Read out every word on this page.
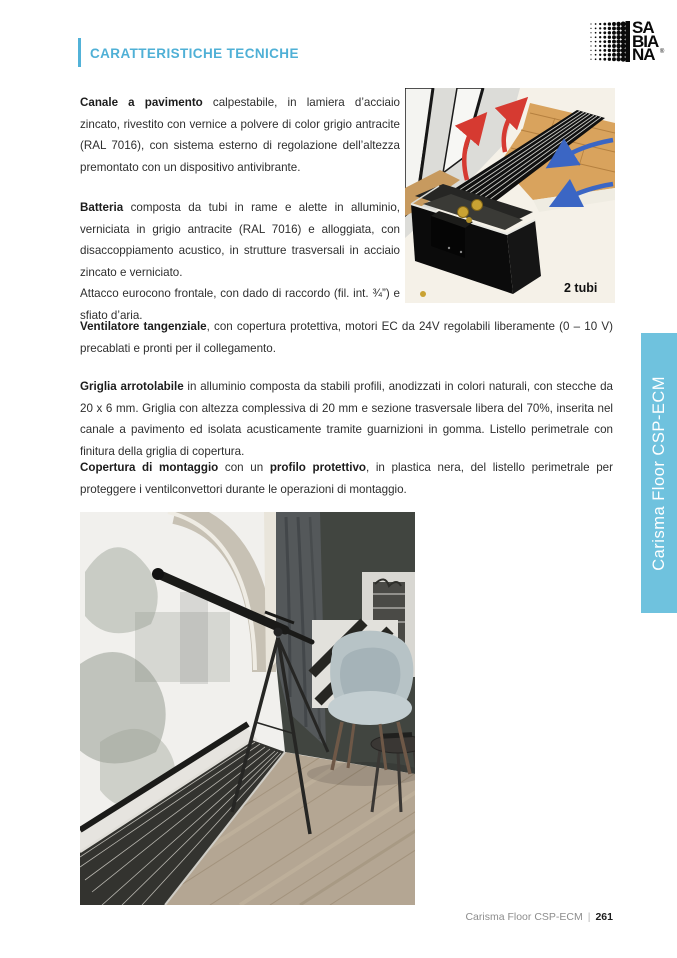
CARATTERISTICHE TECNICHE
SA
BIA
NA ®

Canale a pavimento calpestabile, in lamiera d’acciaio zincato, rivestito con vernice a polvere di color grigio antracite (RAL 7016), con sistema esterno di regolazione dell’altezza premontato con un dispositivo antivibrante.

Batteria composta da tubi in rame e alette in alluminio, verniciata in grigio antracite (RAL 7016) e alloggiata, con disaccoppiamento acustico, in strutture trasversali in acciaio zincato e verniciato.
Attacco eurocono frontale, con dado di raccordo (fil. int. ¾”) e sfiato d’aria.

Ventilatore tangenziale, con copertura protettiva, motori EC da 24V regolabili liberamente (0 – 10 V) precablati e pronti per il collegamento.

Griglia arrotolabile in alluminio composta da stabili profili, anodizzati in colori naturali, con stecche da 20 x 6 mm. Griglia con altezza complessiva di 20 mm e sezione trasversale libera del 70%, inserita nel canale a pavimento ed isolata acusticamente tramite guarnizioni in gomma. Listello perimetrale con finitura della griglia di copertura.

Copertura di montaggio con un profilo protettivo, in plastica nera, del listello perimetrale per proteggere i ventilconvettori durante le operazioni di montaggio.

2 tubi
Carisma Floor CSP-ECM
Carisma Floor CSP-ECM | 261
